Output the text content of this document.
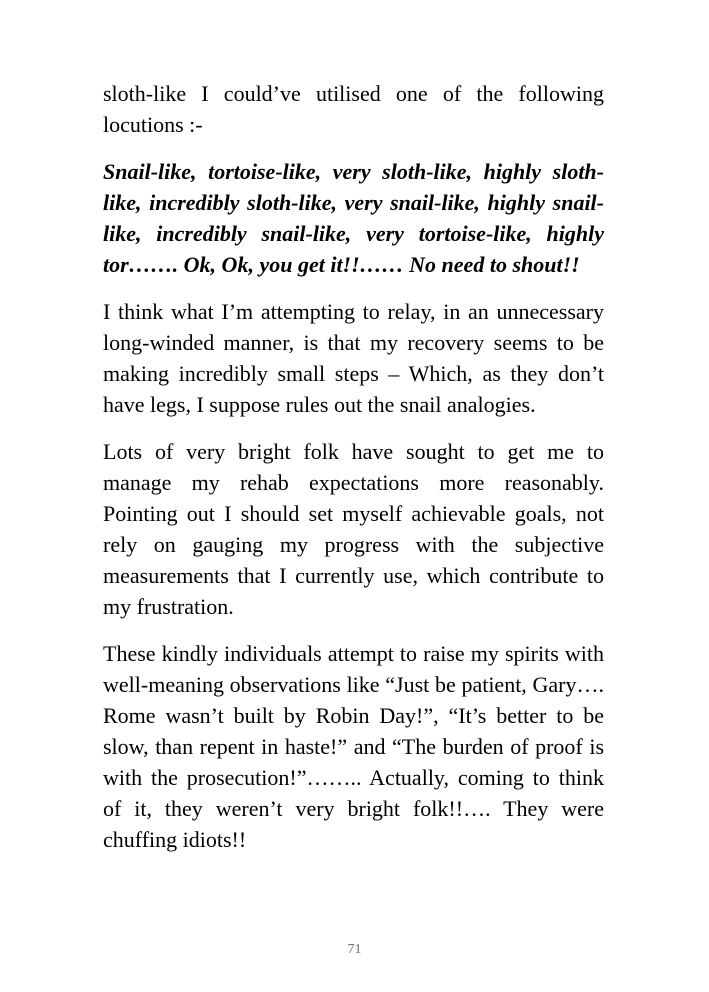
sloth-like I could’ve utilised one of the following locutions :-

Snail-like, tortoise-like, very sloth-like, highly sloth-like, incredibly sloth-like, very snail-like, highly snail-like, incredibly snail-like, very tortoise-like, highly tor……. Ok, Ok, you get it!!…… No need to shout!!

I think what I’m attempting to relay, in an unnecessary long-winded manner, is that my recovery seems to be making incredibly small steps – Which, as they don’t have legs, I suppose rules out the snail analogies.

Lots of very bright folk have sought to get me to manage my rehab expectations more reasonably. Pointing out I should set myself achievable goals, not rely on gauging my progress with the subjective measurements that I currently use, which contribute to my frustration.

These kindly individuals attempt to raise my spirits with well-meaning observations like “Just be patient, Gary…. Rome wasn’t built by Robin Day!”, “It’s better to be slow, than repent in haste!” and “The burden of proof is with the prosecution!”…….. Actually, coming to think of it, they weren’t very bright folk!!…. They were chuffing idiots!!

71
